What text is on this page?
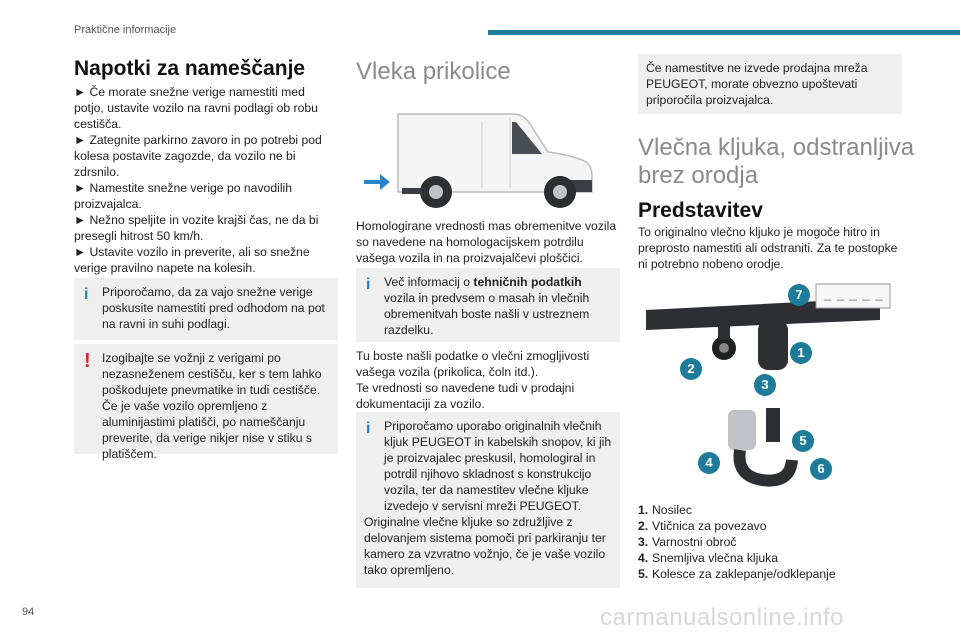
Praktične informacije
Napotki za nameščanje

► Če morate snežne verige namestiti med potjo, ustavite vozilo na ravni podlagi ob robu cestišča.

► Zategnite parkirno zavoro in po potrebi pod kolesa postavite zagozde, da vozilo ne bi zdrsnilo.

► Namestite snežne verige po navodilih proizvajalca.

► Nežno speljite in vozite krajši čas, ne da bi presegli hitrost 50 km/h.

► Ustavite vozilo in preverite, ali so snežne verige pravilno napete na kolesih.

i	Priporočamo, da za vajo snežne verige poskusite namestiti pred odhodom na pot na ravni in suhi podlagi.
! Izogibajte se vožnji z verigami po nezasneženem cestišču, ker s tem lahko poškodujete pnevmatike in tudi cestišče. Če je vaše vozilo opremljeno z aluminijastimi platišči, po nameščanju preverite, da verige nikjer nise v stiku s platiščem.
Vleka prikolice

Homologirane vrednosti mas obremenitve vozila so navedene na homologacijskem potrdilu vašega vozila in na proizvajalčevi ploščici.

i	Več informacij o tehničnih podatkih vozila in predvsem o masah in vlečnih obremenitvah boste našli v ustreznem razdelku.

Tu boste našli podatke o vlečni zmogljivosti vašega vozila (prikolica, čoln itd.).

Te vrednosti so navedene tudi v prodajni dokumentaciji za vozilo.

i	Priporočamo uporabo originalnih vlečnih kljuk PEUGEOT in kabelskih snopov, ki jih je proizvajalec preskusil, homologiral in potrdil njihovo skladnost s konstrukcijo vozila, ter da namestitev vlečne kljuke izvedejo v servisni mreži PEUGEOT.
Originalne vlečne kljuke so združljive z delovanjem sistema pomoči pri parkiranju ter kamero za vzvratno vožnjo, če je vaše vozilo tako opremljeno.
Če namestitve ne izvede prodajna mreža PEUGEOT, morate obvezno upoštevati priporočila proizvajalca.
Vlečna kljuka, odstranljiva
brez orodja
Predstavitev

To originalno vlečno kljuko je mogoče hitro in preprosto namestiti ali odstraniti. Za te postopke ni potrebno nobeno orodje.

_ _ _ _ _
7
2
1
3
5
4	6
1. Nosilec
2. Vtičnica za povezavo
3. Varnostni obroč
4. Snemljiva vlečna kljuka
5. Kolesce za zaklepanje/odklepanje
94	carmanualsonline.info
